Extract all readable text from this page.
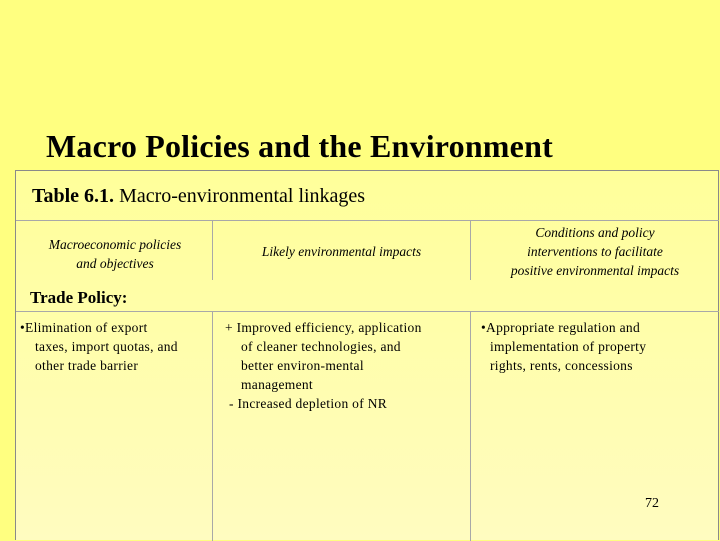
Macro Policies and the Environment
Table 6.1. Macro-environmental linkages
Macroeconomic policies
and objectives
Likely environmental impacts
Conditions and policy
interventions to facilitate
positive environmental impacts
Trade Policy:
•Elimination of export
taxes, import quotas, and
other trade barrier
+ Improved efficiency, application
of cleaner technologies, and
better environ-mental
management
- Increased depletion of NR
•Appropriate regulation and
implementation of property
rights, rents, concessions
72
